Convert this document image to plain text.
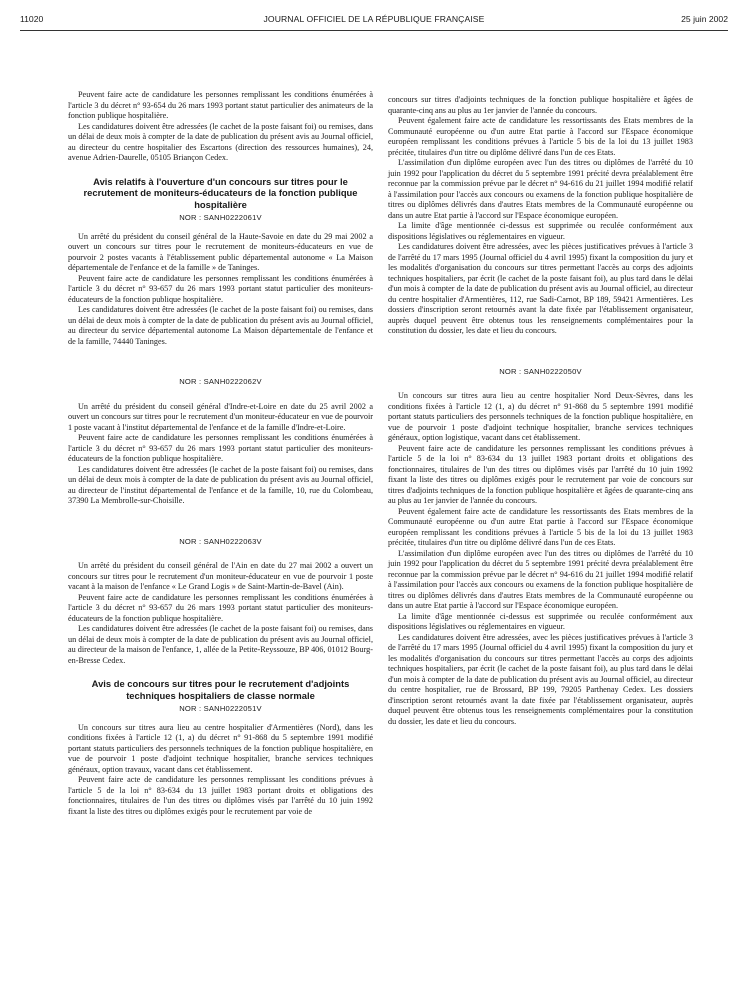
11020	JOURNAL OFFICIEL DE LA RÉPUBLIQUE FRANÇAISE	25 juin 2002

Peuvent faire acte de candidature les personnes remplissant les conditions énumérées à l'article 3 du décret n° 93-654 du 26 mars 1993 portant statut particulier des animateurs de la fonction publique hospitalière.

Les candidatures doivent être adressées (le cachet de la poste faisant foi) ou remises, dans un délai de deux mois à compter de la date de publication du présent avis au Journal officiel, au directeur du centre hospitalier des Escartons (direction des ressources humaines), 24, avenue Adrien-Daurelle, 05105 Briançon Cedex.

Avis relatifs à l'ouverture d'un concours sur titres pour le recrutement de moniteurs-éducateurs de la fonction publique hospitalière
NOR : SANH0222061V

Un arrêté du président du conseil général de la Haute-Savoie en date du 29 mai 2002 a ouvert un concours sur titres pour le recrutement de moniteurs-éducateurs en vue de pourvoir 2 postes vacants à l'établissement public départemental autonome « La Maison départementale de l'enfance et de la famille » de Taninges.

Peuvent faire acte de candidature les personnes remplissant les conditions énumérées à l'article 3 du décret n° 93-657 du 26 mars 1993 portant statut particulier des moniteurs-éducateurs de la fonction publique hospitalière.

Les candidatures doivent être adressées (le cachet de la poste faisant foi) ou remises, dans un délai de deux mois à compter de la date de publication du présent avis au Journal officiel, au directeur du service départemental autonome La Maison départementale de l'enfance et de la famille, 74440 Taninges.

NOR : SANH0222062V

Un arrêté du président du conseil général d'Indre-et-Loire en date du 25 avril 2002 a ouvert un concours sur titres pour le recrutement d'un moniteur-éducateur en vue de pourvoir 1 poste vacant à l'institut départemental de l'enfance et de la famille d'Indre-et-Loire.

Peuvent faire acte de candidature les personnes remplissant les conditions énumérées à l'article 3 du décret n° 93-657 du 26 mars 1993 portant statut particulier des moniteurs-éducateurs de la fonction publique hospitalière.

Les candidatures doivent être adressées (le cachet de la poste faisant foi) ou remises, dans un délai de deux mois à compter de la date de publication du présent avis au Journal officiel, au directeur de l'institut départemental de l'enfance et de la famille, 10, rue du Colombeau, 37390 La Membrolle-sur-Choisille.

NOR : SANH0222063V

Un arrêté du président du conseil général de l'Ain en date du 27 mai 2002 a ouvert un concours sur titres pour le recrutement d'un moniteur-éducateur en vue de pourvoir 1 poste vacant à la maison de l'enfance « Le Grand Logis » de Saint-Martin-de-Bavel (Ain).

Peuvent faire acte de candidature les personnes remplissant les conditions énumérées à l'article 3 du décret n° 93-657 du 26 mars 1993 portant statut particulier des moniteurs-éducateurs de la fonction publique hospitalière.

Les candidatures doivent être adressées (le cachet de la poste faisant foi) ou remises, dans un délai de deux mois à compter de la date de publication du présent avis au Journal officiel, au directeur de la maison de l'enfance, 1, allée de la Petite-Reyssouze, BP 406, 01012 Bourg-en-Bresse Cedex.

Avis de concours sur titres pour le recrutement d'adjoints techniques hospitaliers de classe normale
NOR : SANH0222051V

Un concours sur titres aura lieu au centre hospitalier d'Armentières (Nord), dans les conditions fixées à l'article 12 (1, a) du décret n° 91-868 du 5 septembre 1991 modifié portant statuts particuliers des personnels techniques de la fonction publique hospitalière, en vue de pourvoir 1 poste d'adjoint technique hospitalier, branche services techniques généraux, option travaux, vacant dans cet établissement.

Peuvent faire acte de candidature les personnes remplissant les conditions prévues à l'article 5 de la loi n° 83-634 du 13 juillet 1983 portant droits et obligations des fonctionnaires, titulaires de l'un des titres ou diplômes visés par l'arrêté du 10 juin 1992 fixant la liste des titres ou diplômes exigés pour le recrutement par voie de

concours sur titres d'adjoints techniques de la fonction publique hospitalière et âgées de quarante-cinq ans au plus au 1er janvier de l'année du concours.

Peuvent également faire acte de candidature les ressortissants des Etats membres de la Communauté européenne ou d'un autre Etat partie à l'accord sur l'Espace économique européen remplissant les conditions prévues à l'article 5 bis de la loi du 13 juillet 1983 précitée, titulaires d'un titre ou diplôme délivré dans l'un de ces Etats.

L'assimilation d'un diplôme européen avec l'un des titres ou diplômes de l'arrêté du 10 juin 1992 pour l'application du décret du 5 septembre 1991 précité devra préalablement être reconnue par la commission prévue par le décret n° 94-616 du 21 juillet 1994 modifié relatif à l'assimilation pour l'accès aux concours ou examens de la fonction publique hospitalière de titres ou diplômes délivrés dans d'autres Etats membres de la Communauté européenne ou dans un autre Etat partie à l'accord sur l'Espace économique européen.

La limite d'âge mentionnée ci-dessus est supprimée ou reculée conformément aux dispositions législatives ou réglementaires en vigueur.

Les candidatures doivent être adressées, avec les pièces justificatives prévues à l'article 3 de l'arrêté du 17 mars 1995 (Journal officiel du 4 avril 1995) fixant la composition du jury et les modalités d'organisation du concours sur titres permettant l'accès au corps des adjoints techniques hospitaliers, par écrit (le cachet de la poste faisant foi), au plus tard dans le délai d'un mois à compter de la date de publication du présent avis au Journal officiel, au directeur du centre hospitalier d'Armentières, 112, rue Sadi-Carnot, BP 189, 59421 Armentières. Les dossiers d'inscription seront retournés avant la date fixée par l'établissement organisateur, auprès duquel peuvent être obtenus tous les renseignements complémentaires pour la constitution du dossier, les date et lieu du concours.

NOR : SANH0222050V

Un concours sur titres aura lieu au centre hospitalier Nord Deux-Sèvres, dans les conditions fixées à l'article 12 (1, a) du décret n° 91-868 du 5 septembre 1991 modifié portant statuts particuliers des personnels techniques de la fonction publique hospitalière, en vue de pourvoir 1 poste d'adjoint technique hospitalier, branche services techniques généraux, option logistique, vacant dans cet établissement.

Peuvent faire acte de candidature les personnes remplissant les conditions prévues à l'article 5 de la loi n° 83-634 du 13 juillet 1983 portant droits et obligations des fonctionnaires, titulaires de l'un des titres ou diplômes visés par l'arrêté du 10 juin 1992 fixant la liste des titres ou diplômes exigés pour le recrutement par voie de concours sur titres d'adjoints techniques de la fonction publique hospitalière et âgées de quarante-cinq ans au plus au 1er janvier de l'année du concours.

Peuvent également faire acte de candidature les ressortissants des Etats membres de la Communauté européenne ou d'un autre Etat partie à l'accord sur l'Espace économique européen remplissant les conditions prévues à l'article 5 bis de la loi du 13 juillet 1983 précitée, titulaires d'un titre ou diplôme délivré dans l'un de ces Etats.

L'assimilation d'un diplôme européen avec l'un des titres ou diplômes de l'arrêté du 10 juin 1992 pour l'application du décret du 5 septembre 1991 précité devra préalablement être reconnue par la commission prévue par le décret n° 94-616 du 21 juillet 1994 modifié relatif à l'assimilation pour l'accès aux concours ou examens de la fonction publique hospitalière de titres ou diplômes délivrés dans d'autres Etats membres de la Communauté européenne ou dans un autre Etat partie à l'accord sur l'Espace économique européen.

La limite d'âge mentionnée ci-dessus est supprimée ou reculée conformément aux dispositions législatives ou réglementaires en vigueur.

Les candidatures doivent être adressées, avec les pièces justificatives prévues à l'article 3 de l'arrêté du 17 mars 1995 (Journal officiel du 4 avril 1995) fixant la composition du jury et les modalités d'organisation du concours sur titres permettant l'accès au corps des adjoints techniques hospitaliers, par écrit (le cachet de la poste faisant foi), au plus tard dans le délai d'un mois à compter de la date de publication du présent avis au Journal officiel, au directeur du centre hospitalier, rue de Brossard, BP 199, 79205 Parthenay Cedex. Les dossiers d'inscription seront retournés avant la date fixée par l'établissement organisateur, auprès duquel peuvent être obtenus tous les renseignements complémentaires pour la constitution du dossier, les date et lieu du concours.
